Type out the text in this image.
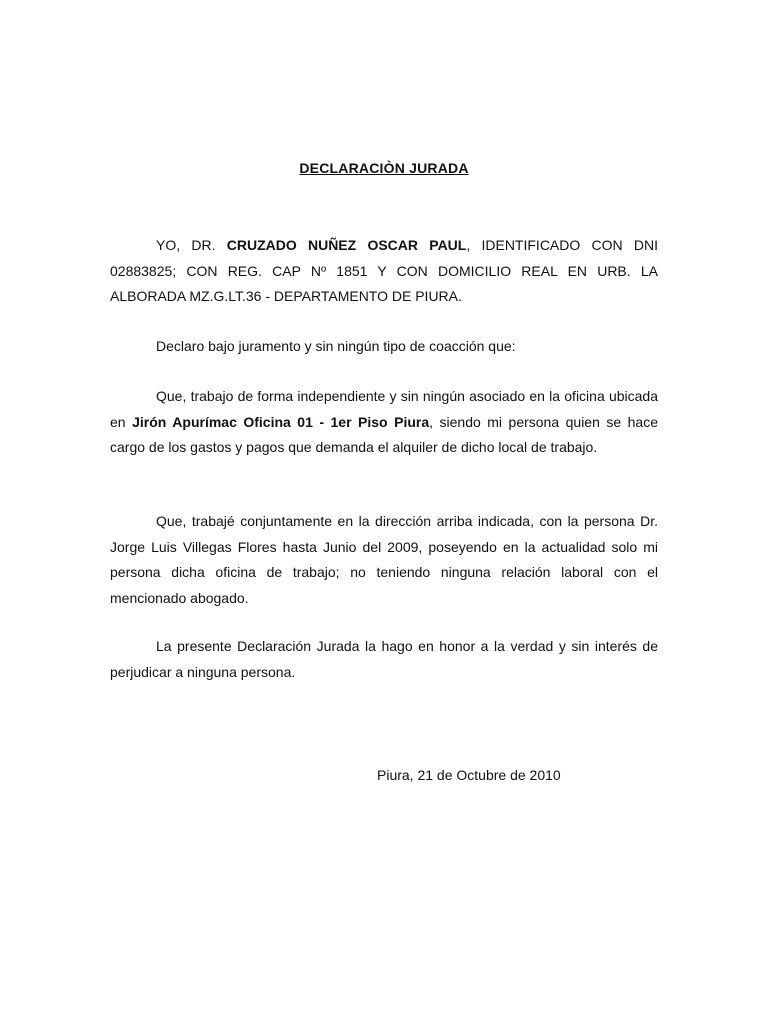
DECLARACIÒN JURADA

YO, DR. CRUZADO NUÑEZ OSCAR PAUL, IDENTIFICADO CON DNI 02883825; CON REG. CAP Nº 1851 Y CON DOMICILIO REAL EN URB. LA ALBORADA MZ.G.LT.36 - DEPARTAMENTO DE PIURA.

Declaro bajo juramento y sin ningún tipo de coacción que:

Que, trabajo de forma independiente y sin ningún asociado en la oficina ubicada en Jirón Apurímac Oficina 01 - 1er Piso Piura, siendo mi persona quien se hace cargo de los gastos y pagos que demanda el alquiler de dicho local de trabajo.

Que, trabajé conjuntamente en la dirección arriba indicada, con la persona Dr. Jorge Luis Villegas Flores hasta Junio del 2009, poseyendo en la actualidad solo mi persona dicha oficina de trabajo; no teniendo ninguna relación laboral con el mencionado abogado.

La presente Declaración Jurada la hago en honor a la verdad y sin interés de perjudicar a ninguna persona.

Piura, 21 de Octubre de 2010
